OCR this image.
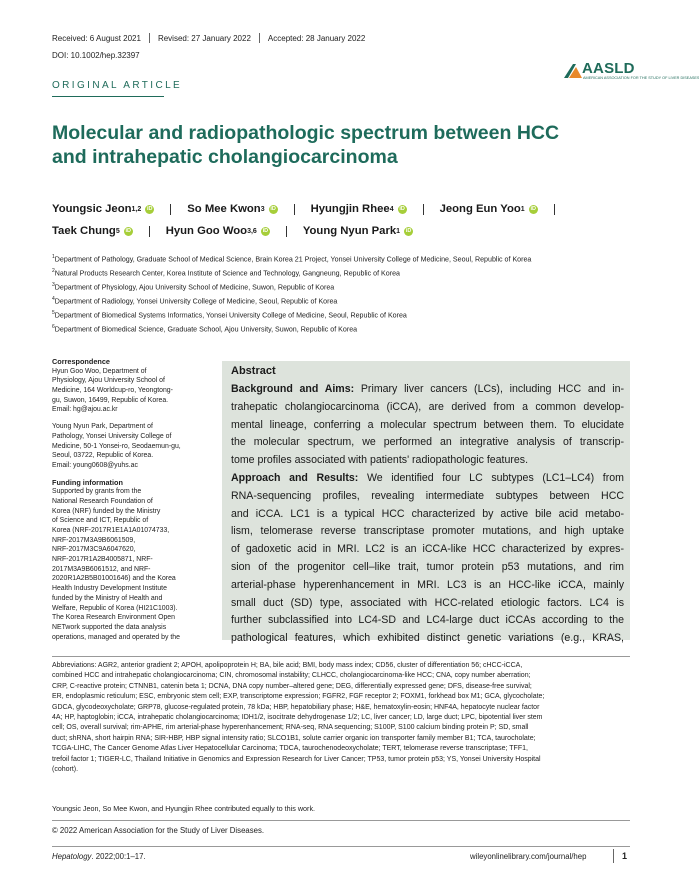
Received: 6 August 2021 Revised: 27 January 2022 Accepted: 28 January 2022
DOI: 10.1002/hep.32397
ORIGINAL ARTICLE
AASLD
AMERICAN ASSOCIATION FOR THE STUDY OF LIVER DISEASES
Molecular and radiopathologic spectrum between HCC
and intrahepatic cholangiocarcinoma
Youngsic Jeon 1,2	iD	So Mee Kwon 3	iD	Hyungjin Rhee 4	iD	Jeong Eun Yoo 1	iD
Taek Chung 5	iD	Hyun Goo Woo 3,6	iD	Young Nyun Park 1	iD
$^1$Department of Pathology, Graduate School of Medical Science, Brain Korea 21 Project, Yonsei University College of Medicine, Seoul, Republic of Korea
$^2$Natural Products Research Center, Korea Institute of Science and Technology, Gangneung, Republic of Korea
$^3$Department of Physiology, Ajou University School of Medicine, Suwon, Republic of Korea
$^4$Department of Radiology, Yonsei University College of Medicine, Seoul, Republic of Korea
$^5$Department of Biomedical Systems Informatics, Yonsei University College of Medicine, Seoul, Republic of Korea
$^6$Department of Biomedical Science, Graduate School, Ajou University, Suwon, Republic of Korea
Correspondence
Hyun Goo Woo, Department of
Physiology, Ajou University School of
Medicine, 164 Worldcup-ro, Yeongtong-
gu, Suwon, 16499, Republic of Korea.
Email: hg@ajou.ac.kr
Young Nyun Park, Department of
Pathology, Yonsei University College of
Medicine, 50-1 Yonsei-ro, Seodaemun-gu,
Seoul, 03722, Republic of Korea.
Email: young0608@yuhs.ac
Funding information
Supported by grants from the
National Research Foundation of
Korea (NRF) funded by the Ministry
of Science and ICT, Republic of
Korea (NRF-2017R1E1A1A01074733,
NRF-2017M3A9B6061509,
NRF-2017M3C9A6047620,
NRF-2017R1A2B4005871, NRF-
2017M3A9B6061512, and NRF-
2020R1A2B5B01001646) and the Korea
Health Industry Development Institute
funded by the Ministry of Health and
Welfare, Republic of Korea (HI21C1003).
The Korea Research Environment Open
NETwork supported the data analysis
operations, managed and operated by the
Abstract
Background and Aims: Primary liver cancers (LCs), including HCC and in-
trahepatic cholangiocarcinoma (iCCA), are derived from a common develop-
mental lineage, conferring a molecular spectrum between them. To elucidate
the molecular spectrum, we performed an integrative analysis of transcrip-
tome profiles associated with patients' radiopathologic features.
Approach and Results: We identified four LC subtypes (LC1–LC4) from
RNA-sequencing profiles, revealing intermediate subtypes between HCC
and iCCA. LC1 is a typical HCC characterized by active bile acid metabo-
lism, telomerase reverse transcriptase promoter mutations, and high uptake
of gadoxetic acid in MRI. LC2 is an iCCA-like HCC characterized by expres-
sion of the progenitor cell–like trait, tumor protein p53 mutations, and rim
arterial-phase hyperenhancement in MRI. LC3 is an HCC-like iCCA, mainly
small duct (SD) type, associated with HCC-related etiologic factors. LC4 is
further subclassified into LC4-SD and LC4-large duct iCCAs according to the
pathological features, which exhibited distinct genetic variations (e.g., KRAS,
Abbreviations: AGR2, anterior gradient 2; APOH, apolipoprotein H; BA, bile acid; BMI, body mass index; CD56, cluster of differentiation 56; cHCC-iCCA,
combined HCC and intrahepatic cholangiocarcinoma; CIN, chromosomal instability; CLHCC, cholangiocarcinoma-like HCC; CNA, copy number aberration;
CRP, C-reactive protein; CTNNB1, catenin beta 1; DCNA, DNA copy number–altered gene; DEG, differentially expressed gene; DFS, disease-free survival;
ER, endoplasmic reticulum; ESC, embryonic stem cell; EXP, transcriptome expression; FGFR2, FGF receptor 2; FOXM1, forkhead box M1; GCA, glycocholate;
GDCA, glycodeoxycholate; GRP78, glucose-regulated protein, 78 kDa; HBP, hepatobiliary phase; H&E, hematoxylin-eosin; HNF4A, hepatocyte nuclear factor
4A; HP, haptoglobin; iCCA, intrahepatic cholangiocarcinoma; IDH1/2, isocitrate dehydrogenase 1/2; LC, liver cancer; LD, large duct; LPC, bipotential liver stem
cell; OS, overall survival; rim-APHE, rim arterial-phase hyperenhancement; RNA-seq, RNA sequencing; S100P, S100 calcium binding protein P; SD, small
duct; shRNA, short hairpin RNA; SIR-HBP, HBP signal intensity ratio; SLCO1B1, solute carrier organic ion transporter family member B1; TCA, taurocholate;
TCGA-LIHC, The Cancer Genome Atlas Liver Hepatocellular Carcinoma; TDCA, taurochenodeoxycholate; TERT, telomerase reverse transcriptase; TFF1,
trefoil factor 1; TIGER-LC, Thailand Initiative in Genomics and Expression Research for Liver Cancer; TP53, tumor protein p53; YS, Yonsei University Hospital
(cohort).
Youngsic Jeon, So Mee Kwon, and Hyungjin Rhee contributed equally to this work.
© 2022 American Association for the Study of Liver Diseases.
Hepatology. 2022;00:1–17.	wileyonlinelibrary.com/journal/hep	1
